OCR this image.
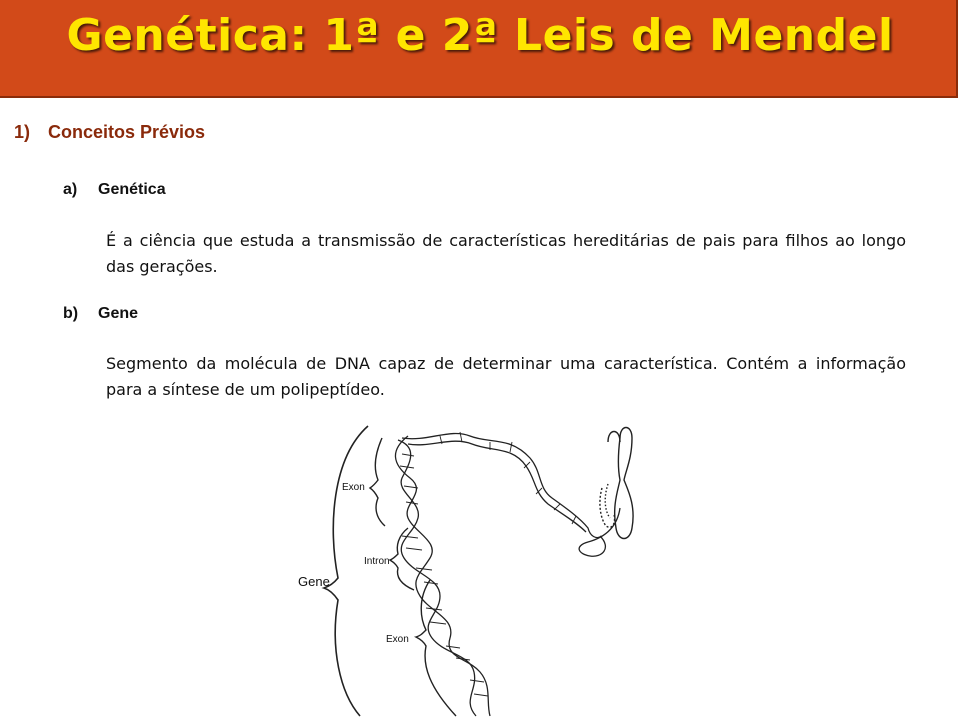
Genética: 1ª e 2ª Leis de Mendel
1) Conceitos Prévios
a) Genética
É a ciência que estuda a transmissão de características hereditárias de pais para filhos ao longo das gerações.
b) Gene
Segmento da molécula de DNA capaz de determinar uma característica. Contém a informação para a síntese de um polipeptídeo.
Gene
Exon
Intron
Exon
